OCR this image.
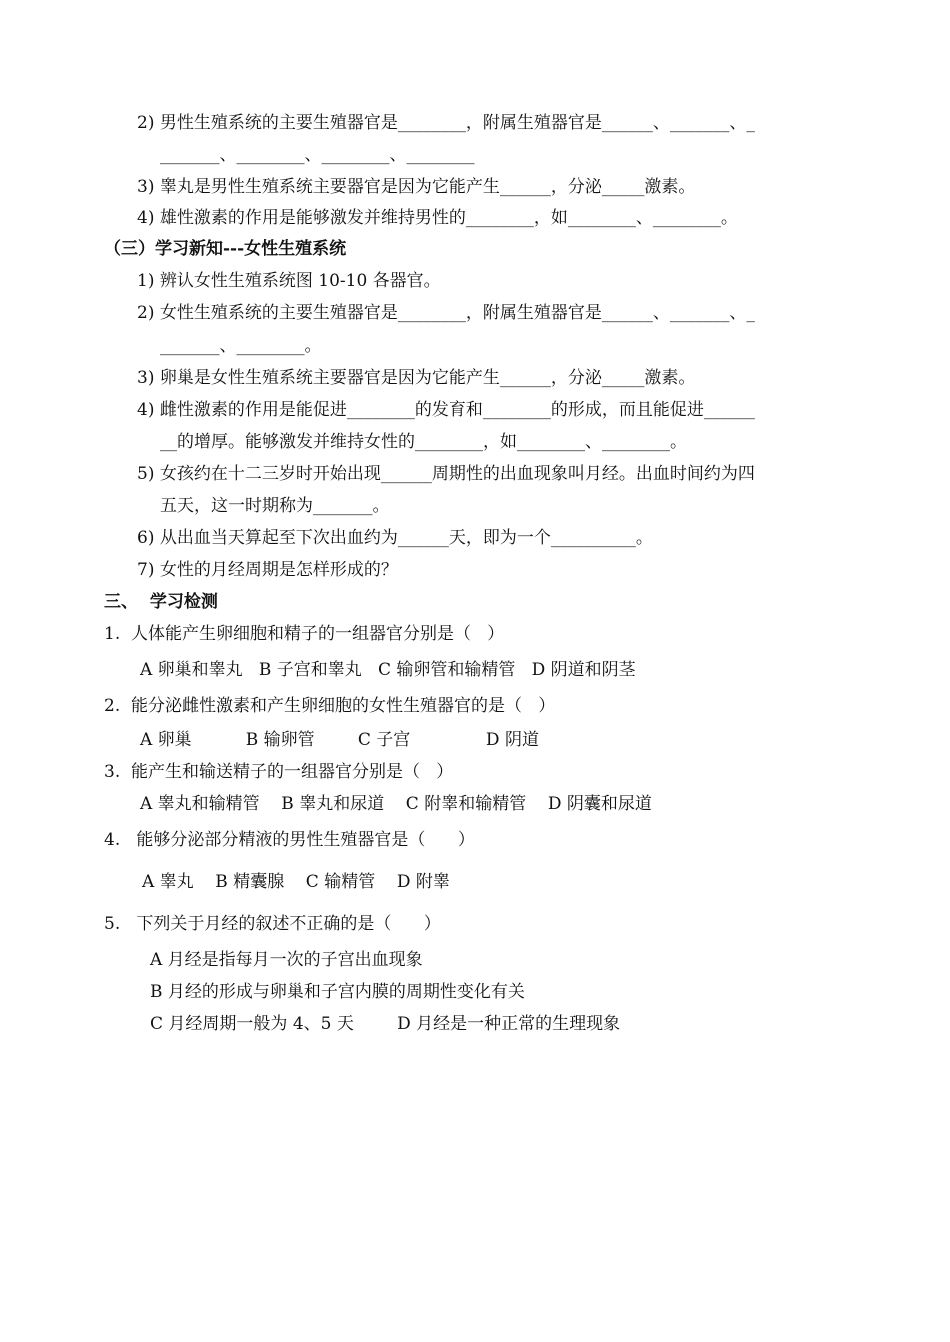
2) 男性生殖系统的主要生殖器官是________，附属生殖器官是______、_______、_
_______、________、________、________
3) 睾丸是男性生殖系统主要器官是因为它能产生______，分泌_____激素。
4) 雄性激素的作用是能够激发并维持男性的________，如________、________。
（三）学习新知---女性生殖系统
1) 辨认女性生殖系统图 10-10 各器官。
2) 女性生殖系统的主要生殖器官是________，附属生殖器官是______、_______、_
_______、________。
3) 卵巢是女性生殖系统主要器官是因为它能产生______，分泌_____激素。
4) 雌性激素的作用是能促进________的发育和________的形成，而且能促进______
__的增厚。能够激发并维持女性的________，如________、________。
5) 女孩约在十二三岁时开始出现______周期性的出血现象叫月经。出血时间约为四
五天，这一时期称为_______。
6) 从出血当天算起至下次出血约为______天，即为一个__________。
7) 女性的月经周期是怎样形成的？
三、  学习检测
1.  人体能产生卵细胞和精子的一组器官分别是（   ）
A 卵巢和睾丸   B 子宫和睾丸   C 输卵管和输精管   D 阴道和阴茎
2.  能分泌雌性激素和产生卵细胞的女性生殖器官的是（   ）
A 卵巢          B 输卵管        C 子宫              D 阴道
3.  能产生和输送精子的一组器官分别是（   ）
A 睾丸和输精管    B 睾丸和尿道    C 附睾和输精管    D 阴囊和尿道
4.   能够分泌部分精液的男性生殖器官是（      ）
A 睾丸    B 精囊腺    C 输精管    D 附睾
5.   下列关于月经的叙述不正确的是（      ）
A 月经是指每月一次的子宫出血现象
B 月经的形成与卵巢和子宫内膜的周期性变化有关
C 月经周期一般为 4、5 天        D 月经是一种正常的生理现象
